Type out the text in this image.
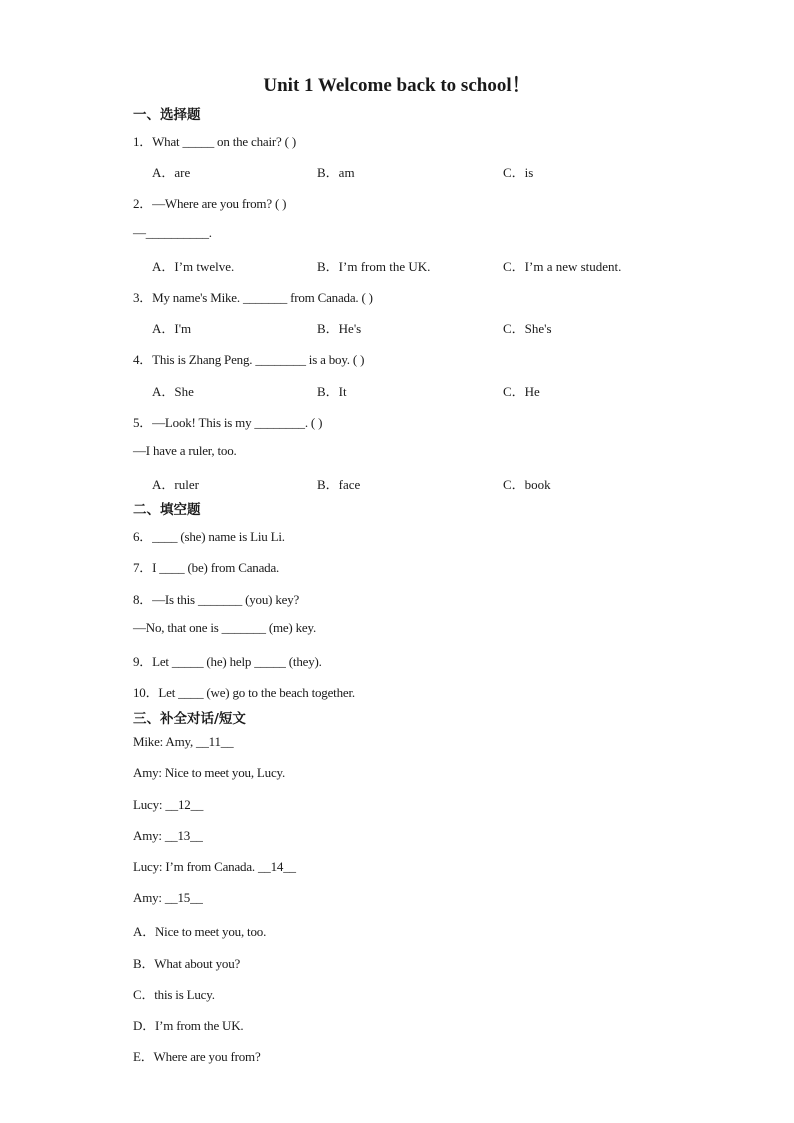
Unit 1 Welcome back to school！
一、选择题
1．What _____ on the chair? ( )
A．are	B．am	C．is
2．—Where are you from? ( )
—__________.
A．I’m twelve.	B．I’m from the UK.	C．I’m a new student.
3．My name's Mike. _______ from Canada. ( )
A．I'm	B．He's	C．She's
4．This is Zhang Peng. ________ is a boy. ( )
A．She	B．It	C．He
5．—Look! This is my ________. ( )
—I have a ruler, too.
A．ruler	B．face	C．book
二、填空题
6．____ (she) name is Liu Li.
7．I ____ (be) from Canada.
8．—Is this _______ (you) key?
—No, that one is _______ (me) key.
9．Let _____ (he) help _____ (they).
10．Let ____ (we) go to the beach together.
三、补全对话/短文
Mike: Amy, __11__
Amy: Nice to meet you, Lucy.
Lucy: __12__
Amy: __13__
Lucy: I’m from Canada. __14__
Amy: __15__
A．Nice to meet you, too.
B．What about you?
C．this is Lucy.
D．I’m from the UK.
E．Where are you from?
